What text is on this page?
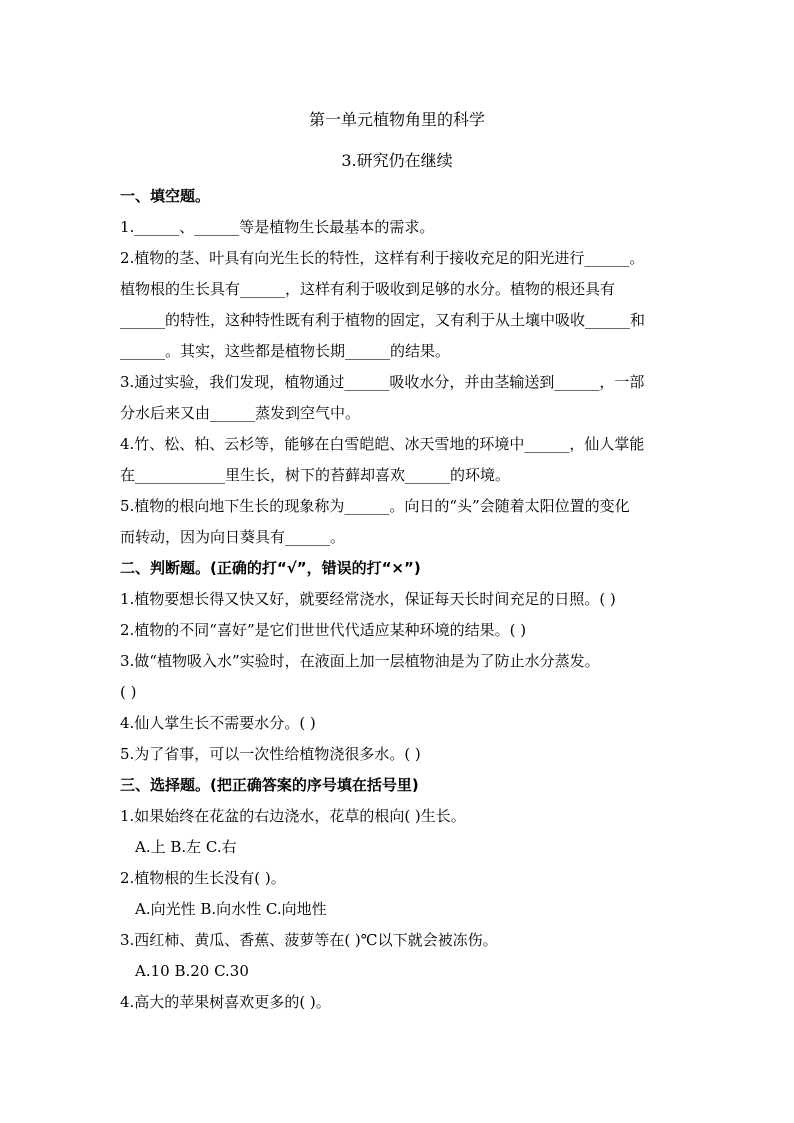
第一单元植物角里的科学
3.研究仍在继续
一、填空题。
1.______、______等是植物生长最基本的需求。
2.植物的茎、叶具有向光生长的特性，这样有利于接收充足的阳光进行______。
植物根的生长具有______，这样有利于吸收到足够的水分。植物的根还具有
______的特性，这种特性既有利于植物的固定，又有利于从土壤中吸收______和
______。其实，这些都是植物长期______的结果。
3.通过实验，我们发现，植物通过______吸收水分，并由茎输送到______，一部
分水后来又由______蒸发到空气中。
4.竹、松、柏、云杉等，能够在白雪皑皑、冰天雪地的环境中______，仙人掌能
在____________里生长，树下的苔藓却喜欢______的环境。
5.植物的根向地下生长的现象称为______。向日的“头”会随着太阳位置的变化
而转动，因为向日葵具有______。
二、判断题。(正确的打“√”，错误的打“×”)
1.植物要想长得又快又好，就要经常浇水，保证每天长时间充足的日照。( )
2.植物的不同“喜好”是它们世世代代适应某种环境的结果。( )
3.做“植物吸入水”实验时，在液面上加一层植物油是为了防止水分蒸发。
( )
4.仙人掌生长不需要水分。( )
5.为了省事，可以一次性给植物浇很多水。( )
三、选择题。(把正确答案的序号填在括号里)
1.如果始终在花盆的右边浇水，花草的根向( )生长。
A.上 B.左 C.右
2.植物根的生长没有( )。
A.向光性 B.向水性 C.向地性
3.西红柿、黄瓜、香蕉、菠萝等在( )℃以下就会被冻伤。
A.10 B.20 C.30
4.高大的苹果树喜欢更多的( )。
